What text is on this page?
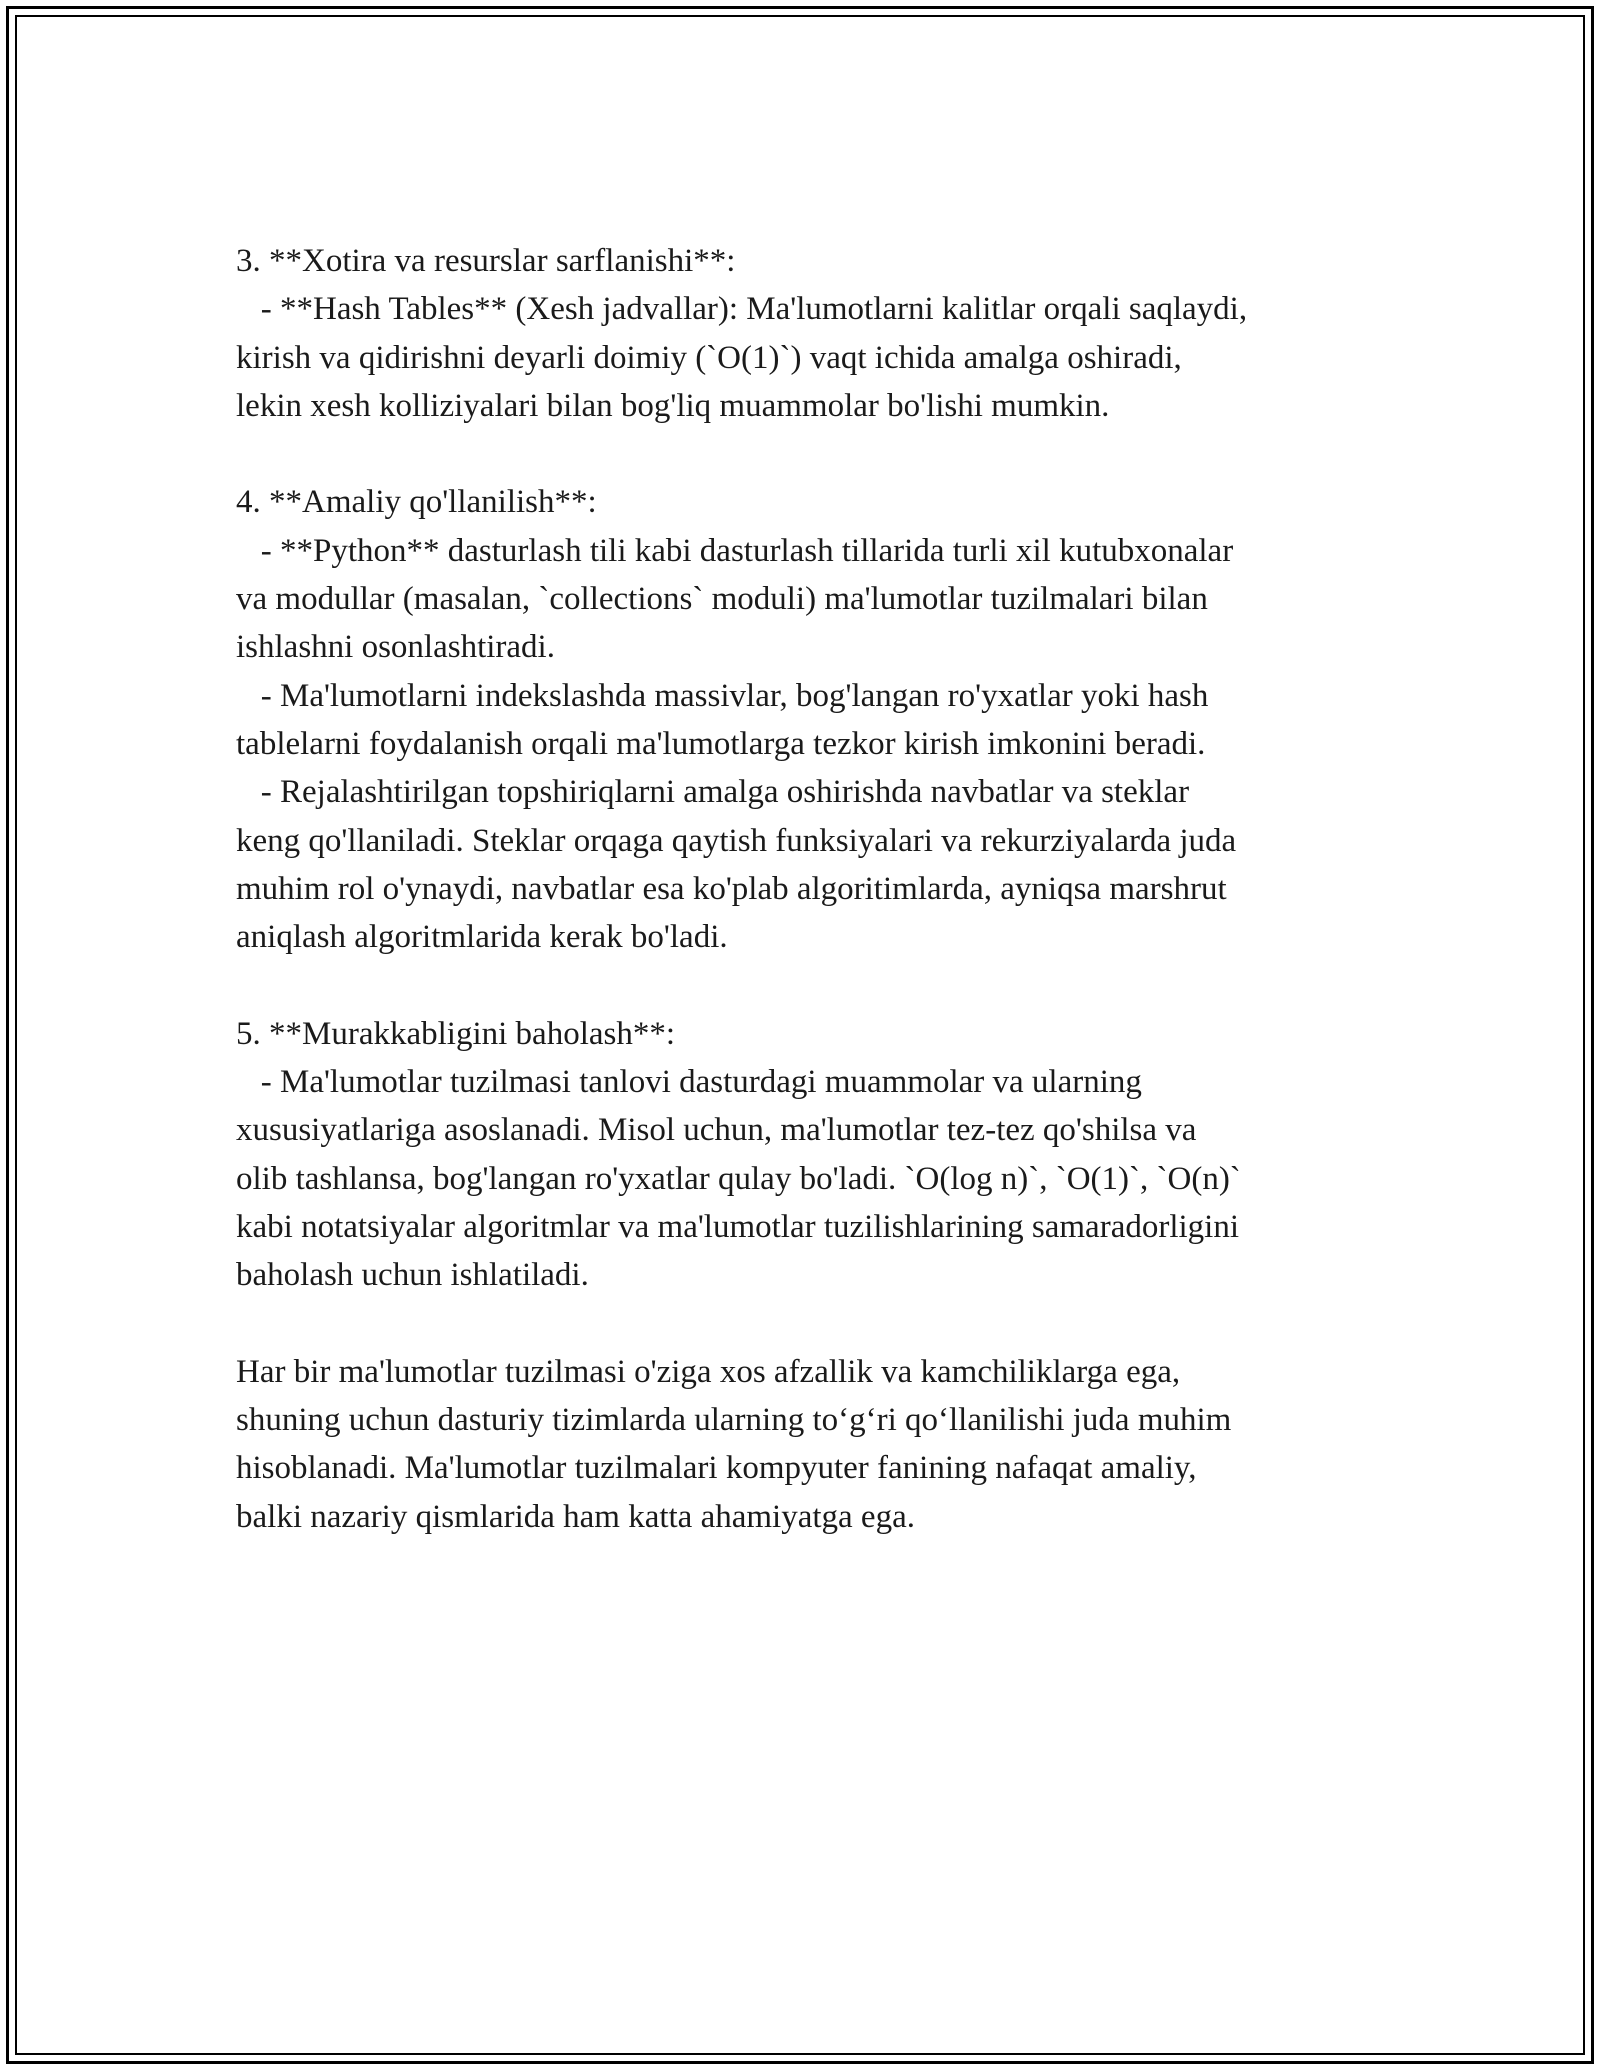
3. **Xotira va resurslar sarflanishi**:
- **Hash Tables** (Xesh jadvallar): Ma'lumotlarni kalitlar orqali saqlaydi,
kirish va qidirishni deyarli doimiy (`O(1)`) vaqt ichida amalga oshiradi,
lekin xesh kolliziyalari bilan bog'liq muammolar bo'lishi mumkin.
4. **Amaliy qo'llanilish**:
- **Python** dasturlash tili kabi dasturlash tillarida turli xil kutubxonalar
va modullar (masalan, `collections` moduli) ma'lumotlar tuzilmalari bilan
ishlashni osonlashtiradi.
- Ma'lumotlarni indekslashda massivlar, bog'langan ro'yxatlar yoki hash
tablelarni foydalanish orqali ma'lumotlarga tezkor kirish imkonini beradi.
- Rejalashtirilgan topshiriqlarni amalga oshirishda navbatlar va steklar
keng qo'llaniladi. Steklar orqaga qaytish funksiyalari va rekurziyalarda juda
muhim rol o'ynaydi, navbatlar esa ko'plab algoritimlarda, ayniqsa marshrut
aniqlash algoritmlarida kerak bo'ladi.
5. **Murakkabligini baholash**:
- Ma'lumotlar tuzilmasi tanlovi dasturdagi muammolar va ularning
xususiyatlariga asoslanadi. Misol uchun, ma'lumotlar tez-tez qo'shilsa va
olib tashlansa, bog'langan ro'yxatlar qulay bo'ladi. `O(log n)`, `O(1)`, `O(n)`
kabi notatsiyalar algoritmlar va ma'lumotlar tuzilishlarining samaradorligini
baholash uchun ishlatiladi.
Har bir ma'lumotlar tuzilmasi o'ziga xos afzallik va kamchiliklarga ega,
shuning uchun dasturiy tizimlarda ularning to‘g‘ri qo‘llanilishi juda muhim
hisoblanadi. Ma'lumotlar tuzilmalari kompyuter fanining nafaqat amaliy,
balki nazariy qismlarida ham katta ahamiyatga ega.
